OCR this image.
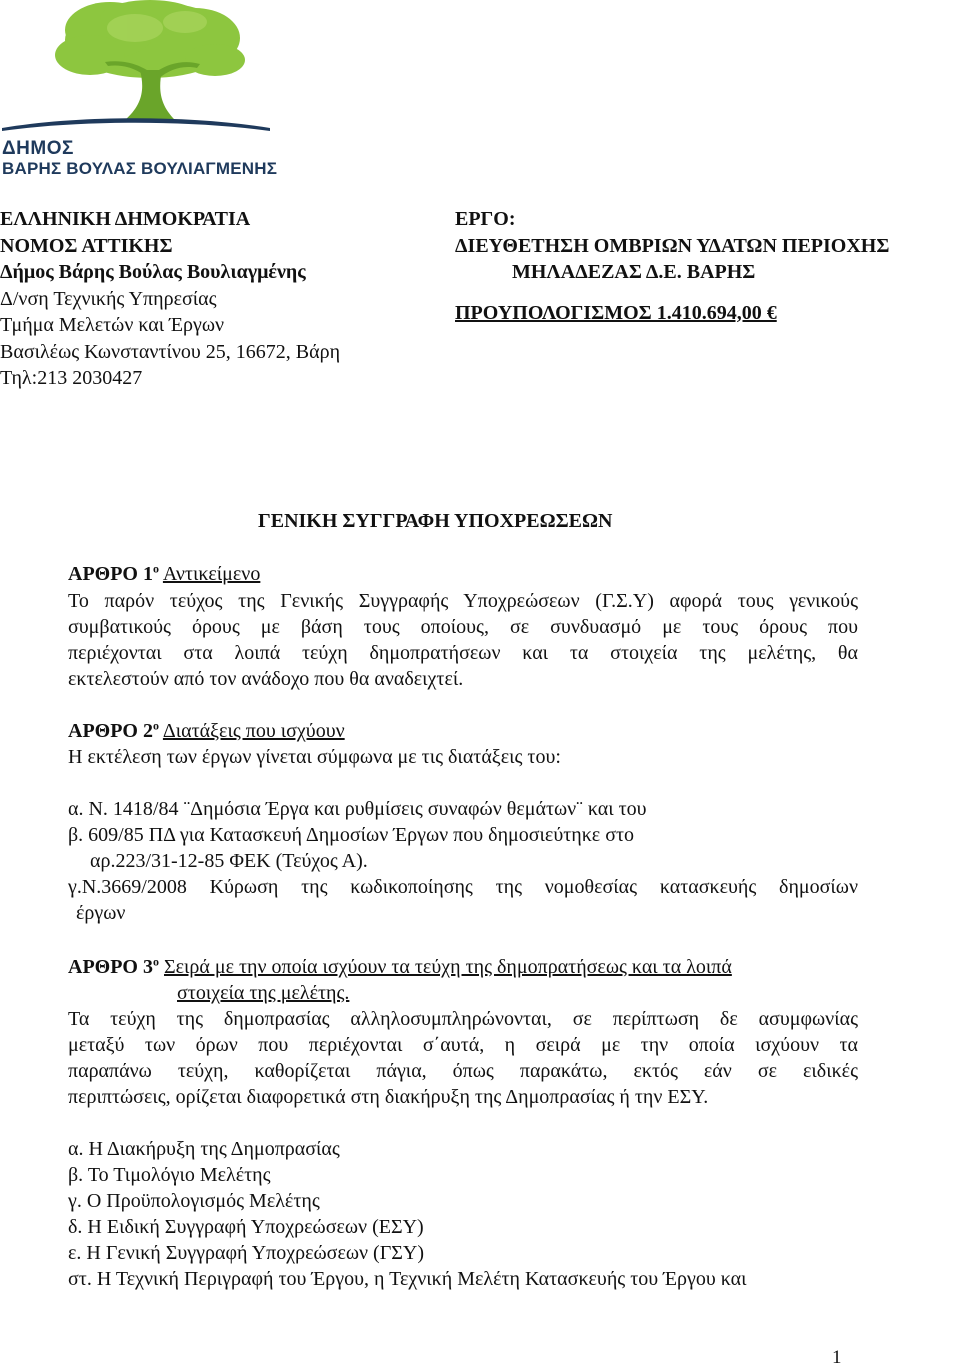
ΔΗΜΟΣ
ΒΑΡΗΣ ΒΟΥΛΑΣ ΒΟΥΛΙΑΓΜΕΝΗΣ
ΕΛΛΗΝΙΚΗ ΔΗΜΟΚΡΑΤΙΑ
ΝΟΜΟΣ ΑΤΤΙΚΗΣ
Δήμος Βάρης Βούλας Βουλιαγμένης
Δ/νση Τεχνικής Υπηρεσίας
Τμήμα Μελετών και Έργων
Βασιλέως Κωνσταντίνου 25, 16672, Βάρη
Τηλ:213 2030427
ΕΡΓΟ:
ΔΙΕΥΘΕΤΗΣΗ ΟΜΒΡΙΩΝ ΥΔΑΤΩΝ ΠΕΡΙΟΧΗΣ
ΜΗΛΑΔΕΖΑΣ Δ.Ε. ΒΑΡΗΣ
ΠΡΟΥΠΟΛΟΓΙΣΜΟΣ 1.410.694,00 €
ΓΕΝΙΚΗ ΣΥΓΓΡΑΦΗ ΥΠΟΧΡΕΩΣΕΩΝ
ΑΡΘΡΟ $1^o$ Αντικείμενο
Το παρόν τεύχος της Γενικής Συγγραφής Υποχρεώσεων (Γ.Σ.Υ) αφορά τους γενικούς
συμβατικούς όρους με βάση τους οποίους, σε συνδυασμό με τους όρους που
περιέχονται στα λοιπά τεύχη δημοπρατήσεων και τα στοιχεία της μελέτης, θα
εκτελεστούν από τον ανάδοχο που θα αναδειχτεί.
ΑΡΘΡΟ $2^o$ Διατάξεις που ισχύουν
Η εκτέλεση των έργων γίνεται σύμφωνα με τις διατάξεις του:
α. Ν. 1418/84 ¨Δημόσια Έργα και ρυθμίσεις συναφών θεμάτων¨ και του
β. 609/85 ΠΔ για Κατασκευή Δημοσίων Έργων που δημοσιεύτηκε στο
αρ.223/31-12-85 ΦΕΚ (Τεύχος Α).
γ.Ν.3669/2008 Κύρωση της κωδικοποίησης της νομοθεσίας κατασκευής δημοσίων
έργων
ΑΡΘΡΟ $3^o$ Σειρά με την οποία ισχύουν τα τεύχη της δημοπρατήσεως και τα λοιπά
στοιχεία της μελέτης.
Τα τεύχη της δημοπρασίας αλληλοσυμπληρώνονται, σε περίπτωση δε ασυμφωνίας
μεταξύ των όρων που περιέχονται σ΄αυτά, η σειρά με την οποία ισχύουν τα
παραπάνω τεύχη, καθορίζεται πάγια, όπως παρακάτω, εκτός εάν σε ειδικές
περιπτώσεις, ορίζεται διαφορετικά στη διακήρυξη της Δημοπρασίας ή την ΕΣΥ.
α. Η Διακήρυξη της Δημοπρασίας
β. Το Τιμολόγιο Μελέτης
γ. Ο Προϋπολογισμός Μελέτης
δ. Η Ειδική Συγγραφή Υποχρεώσεων (ΕΣΥ)
ε. Η Γενική Συγγραφή Υποχρεώσεων (ΓΣΥ)
στ. Η Τεχνική Περιγραφή του Έργου, η Τεχνική Μελέτη Κατασκευής του Έργου και
1
